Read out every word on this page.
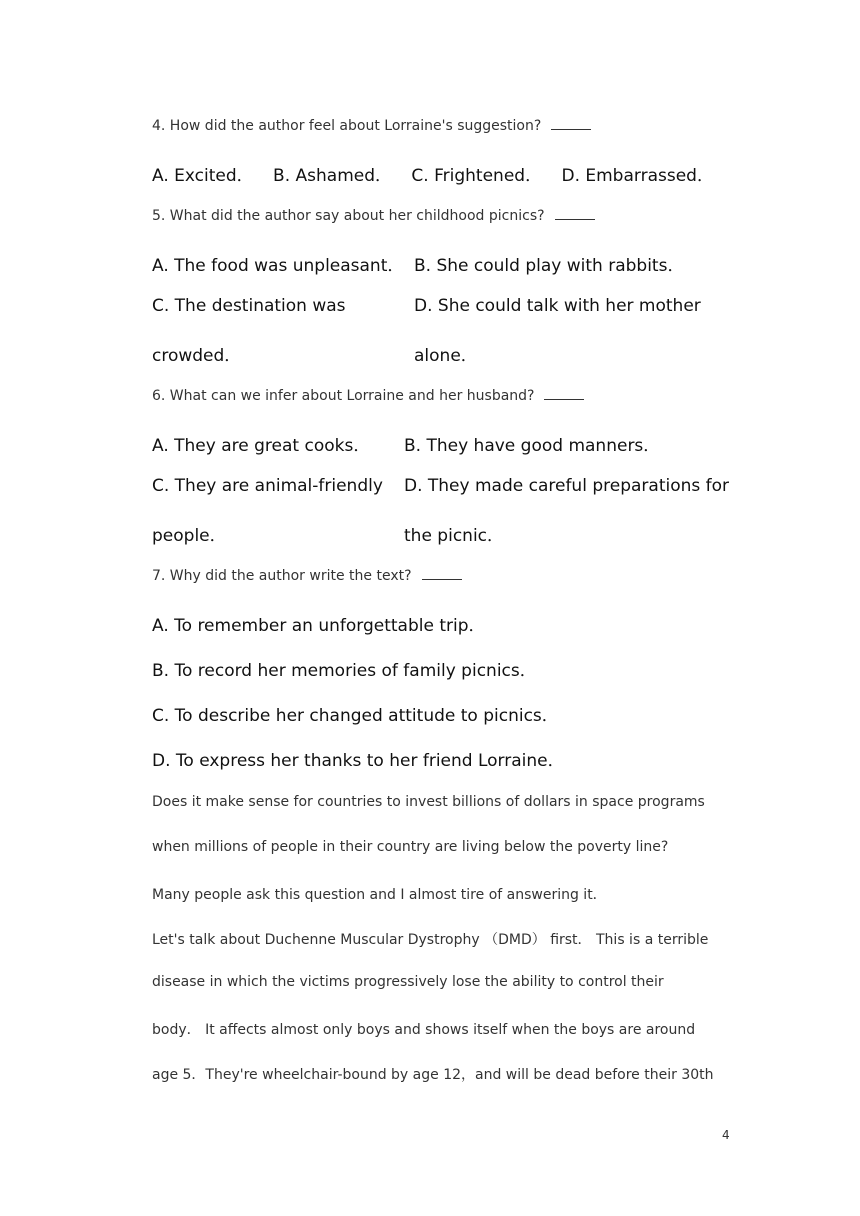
4. How did the author feel about Lorraine's suggestion?
A. Excited． B. Ashamed． C. Frightened． D. Embarrassed．
5. What did the author say about her childhood picnics?
A. The food was unpleasant． B. She could play with rabbits．
C. The destination was	D. She could talk with her mother
crowded．	alone．
6. What can we infer about Lorraine and her husband?
A. They are great cooks． B. They have good manners．
C. They are animal-friendly D. They made careful preparations for
people．	the picnic．
7. Why did the author write the text?
A. To remember an unforgettable trip．
B. To record her memories of family picnics．
C. To describe her changed attitude to picnics．
D. To express her thanks to her friend Lorraine．
Does it make sense for countries to invest billions of dollars in space programs
when millions of people in their country are living below the poverty line?
Many people ask this question and I almost tire of answering it．
Let's talk about Duchenne Muscular Dystrophy （DMD） first． This is a terrible
disease in which the victims progressively lose the ability to control their
body． It affects almost only boys and shows itself when the boys are around
age 5．They're wheelchair-bound by age 12，and will be dead before their 30th
4
